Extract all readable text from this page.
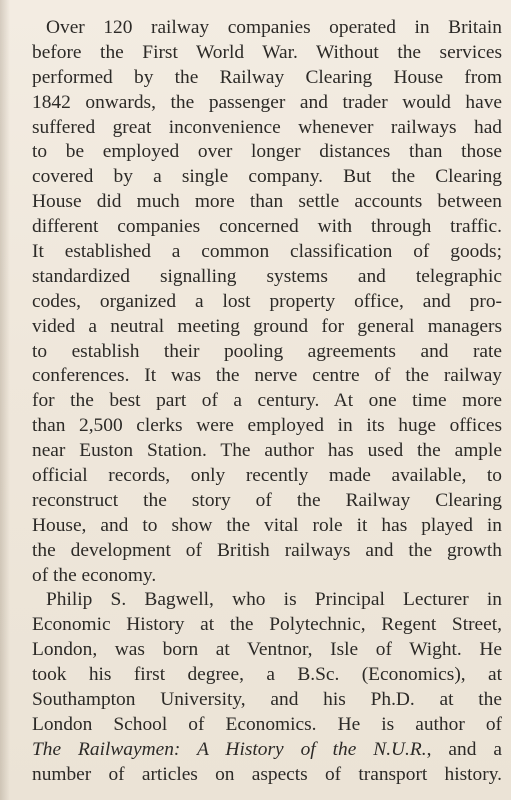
Over 120 railway companies operated in Britain
before the First World War. Without the services
performed by the Railway Clearing House from
1842 onwards, the passenger and trader would have
suffered great inconvenience whenever railways had
to be employed over longer distances than those
covered by a single company. But the Clearing
House did much more than settle accounts between
different companies concerned with through traffic.
It established a common classification of goods;
standardized signalling systems and telegraphic
codes, organized a lost property office, and pro-
vided a neutral meeting ground for general managers
to establish their pooling agreements and rate
conferences. It was the nerve centre of the railway
for the best part of a century. At one time more
than 2,500 clerks were employed in its huge offices
near Euston Station. The author has used the ample
official records, only recently made available, to
reconstruct the story of the Railway Clearing
House, and to show the vital role it has played in
the development of British railways and the growth
of the economy.
Philip S. Bagwell, who is Principal Lecturer in
Economic History at the Polytechnic, Regent Street,
London, was born at Ventnor, Isle of Wight. He
took his first degree, a B.Sc. (Economics), at
Southampton University, and his Ph.D. at the
London School of Economics. He is author of
The Railwaymen: A History of the N.U.R., and a
number of articles on aspects of transport history.
